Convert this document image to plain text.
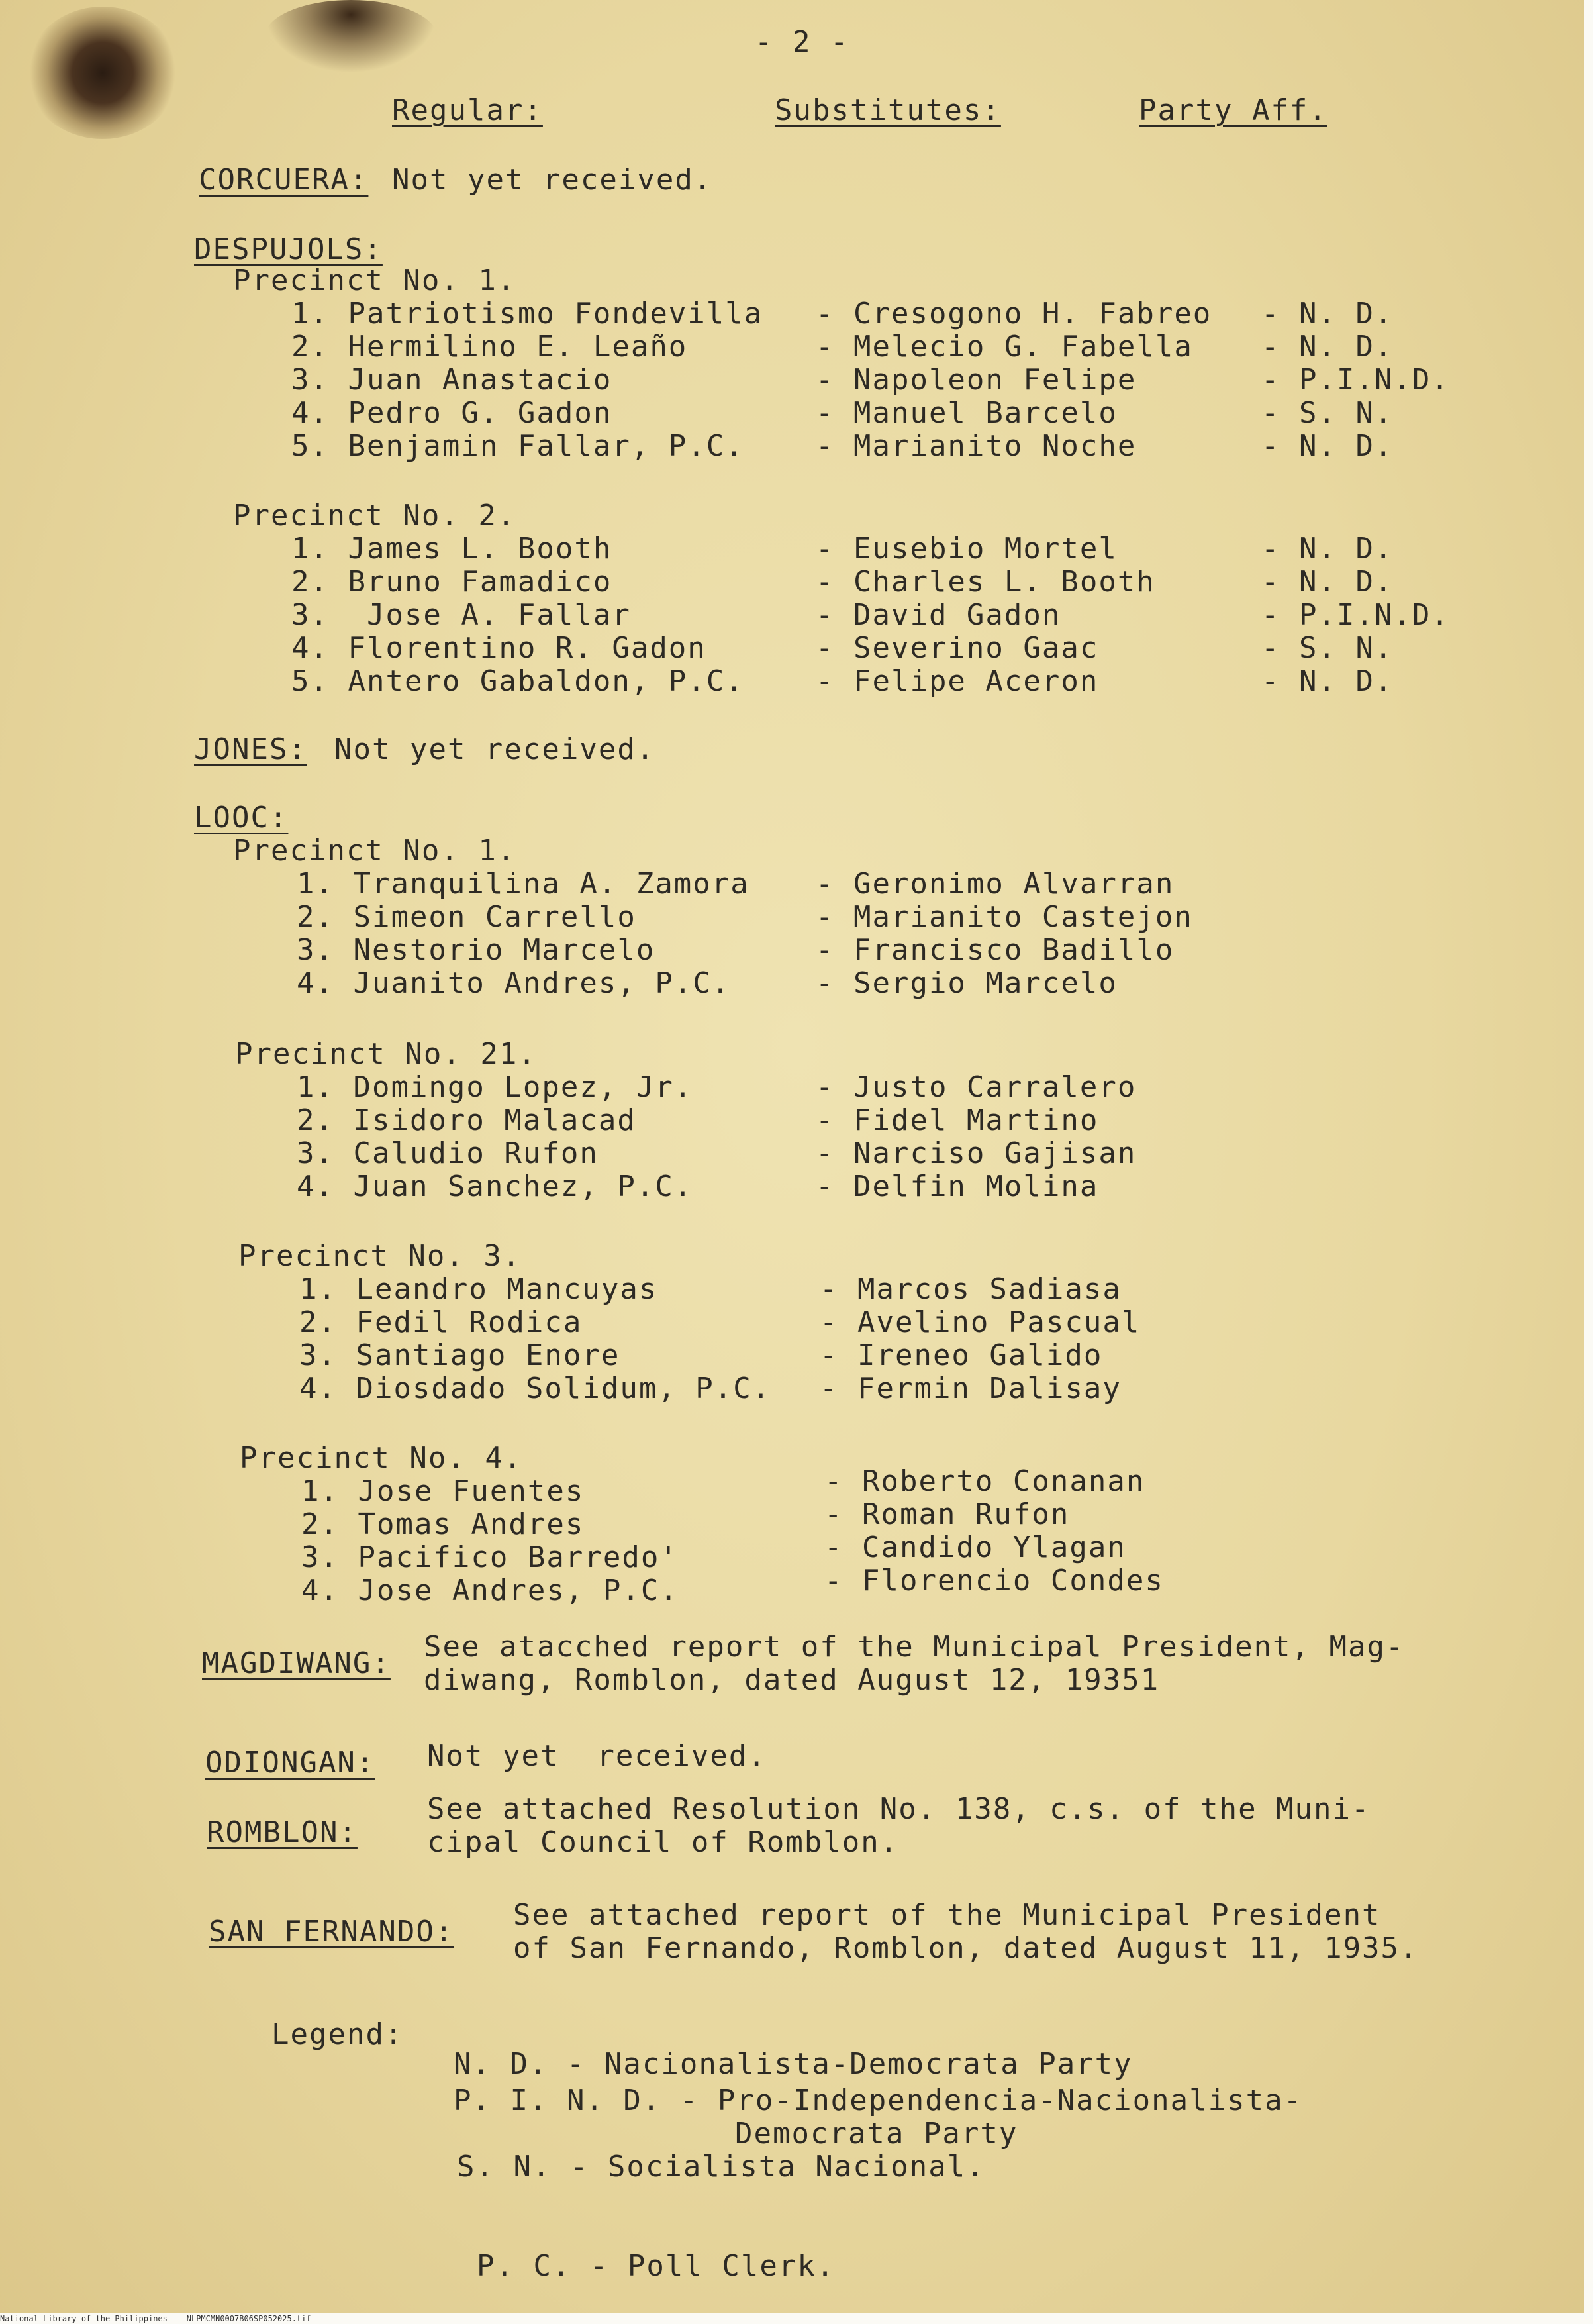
- 2 -
Regular:	Substitutes:	Party Aff.
CORCUERA: Not yet received.
DESPUJOLS:
Precinct No. 1.
1. Patriotismo Fondevilla - Cresogono H. Fabreo - N. D.
2. Hermilino E. Leaño	- Melecio G. Fabella - N. D.
3. Juan Anastacio	- Napoleon Felipe	- P.I.N.D.
4. Pedro G. Gadon	- Manuel Barcelo	- S. N.
5. Benjamin Fallar, P.C. - Marianito Noche	- N. D.
Precinct No. 2.
1. James L. Booth	- Eusebio Mortel	- N. D.
2. Bruno Famadico	- Charles L. Booth	- N. D.
3.  Jose A. Fallar	- David Gadon	- P.I.N.D.
4. Florentino R. Gadon	- Severino Gaac	- S. N.
5. Antero Gabaldon, P.C. - Felipe Aceron	- N. D.
JONES: Not yet received.
LOOC:
Precinct No. 1.
1. Tranquilina A. Zamora - Geronimo Alvarran
2. Simeon Carrello	- Marianito Castejon
3. Nestorio Marcelo	- Francisco Badillo
4. Juanito Andres, P.C.	- Sergio Marcelo
Precinct No. 21.
1. Domingo Lopez, Jr.	- Justo Carralero
2. Isidoro Malacad	- Fidel Martino
3. Caludio Rufon	- Narciso Gajisan
4. Juan Sanchez, P.C.	- Delfin Molina
Precinct No. 3.
1. Leandro Mancuyas	- Marcos Sadiasa
2. Fedil Rodica	- Avelino Pascual
3. Santiago Enore	- Ireneo Galido
4. Diosdado Solidum, P.C. - Fermin Dalisay
Precinct No. 4.
1. Jose Fuentes	- Roberto Conanan
2. Tomas Andres	- Roman Rufon
3. Pacifico Barredo'	- Candido Ylagan
4. Jose Andres, P.C.	- Florencio Condes
MAGDIWANG: See atacched report of the Municipal President, Mag-
diwang, Romblon, dated August 12, 19351
ODIONGAN: Not yet  received.
ROMBLON:
See attached Resolution No. 138, c.s. of the Muni-
cipal Council of Romblon.
SAN FERNANDO: See attached report of the Municipal President
of San Fernando, Romblon, dated August 11, 1935.
Legend:
N. D. - Nacionalista-Democrata Party
P. I. N. D. - Pro-Independencia-Nacionalista-
Democrata Party
S. N. - Socialista Nacional.
P. C. - Poll Clerk.
National Library of the Philippines    NLPMCMN0007B06SP052025.tif
